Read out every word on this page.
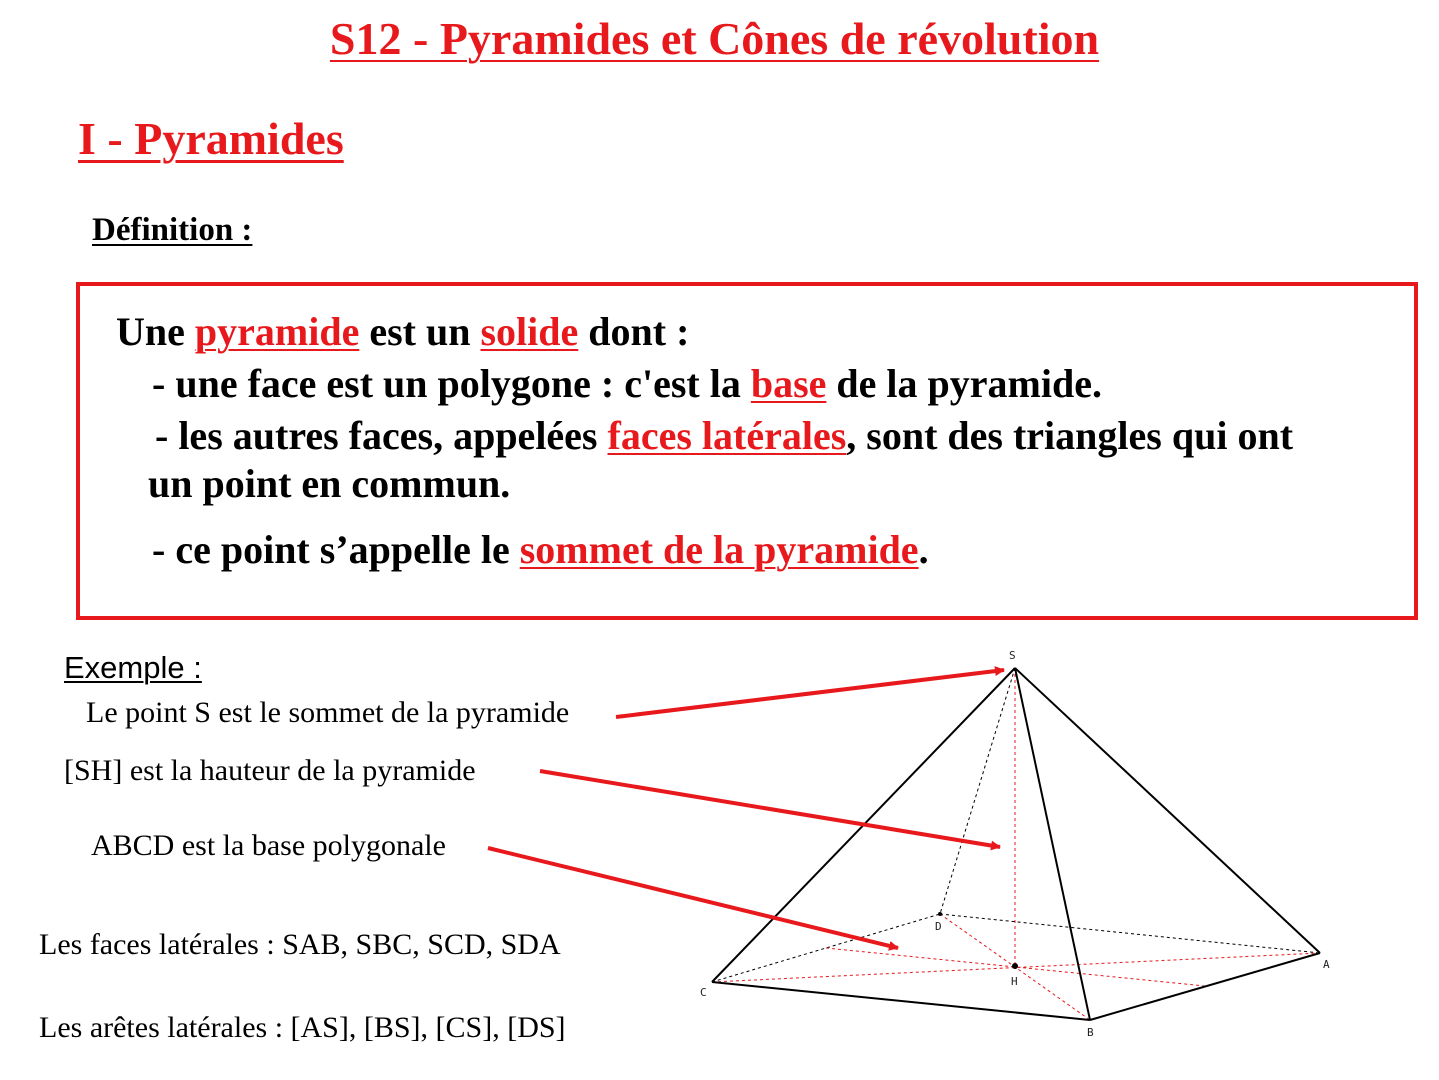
S12 - Pyramides et Cônes de révolution
I - Pyramides
Définition :
Une pyramide est un solide dont :
- une face est un polygone : c'est la base de la pyramide.
- les autres faces, appelées faces latérales, sont des triangles qui ont
un point en commun.
- ce point s’appelle le sommet de la pyramide.
Exemple :
Le point S est le sommet de la pyramide
[SH] est la hauteur de la pyramide
ABCD est la base polygonale
Les faces latérales : SAB, SBC, SCD, SDA
Les arêtes latérales : [AS], [BS], [CS], [DS]
S
A
B
C
D
H
